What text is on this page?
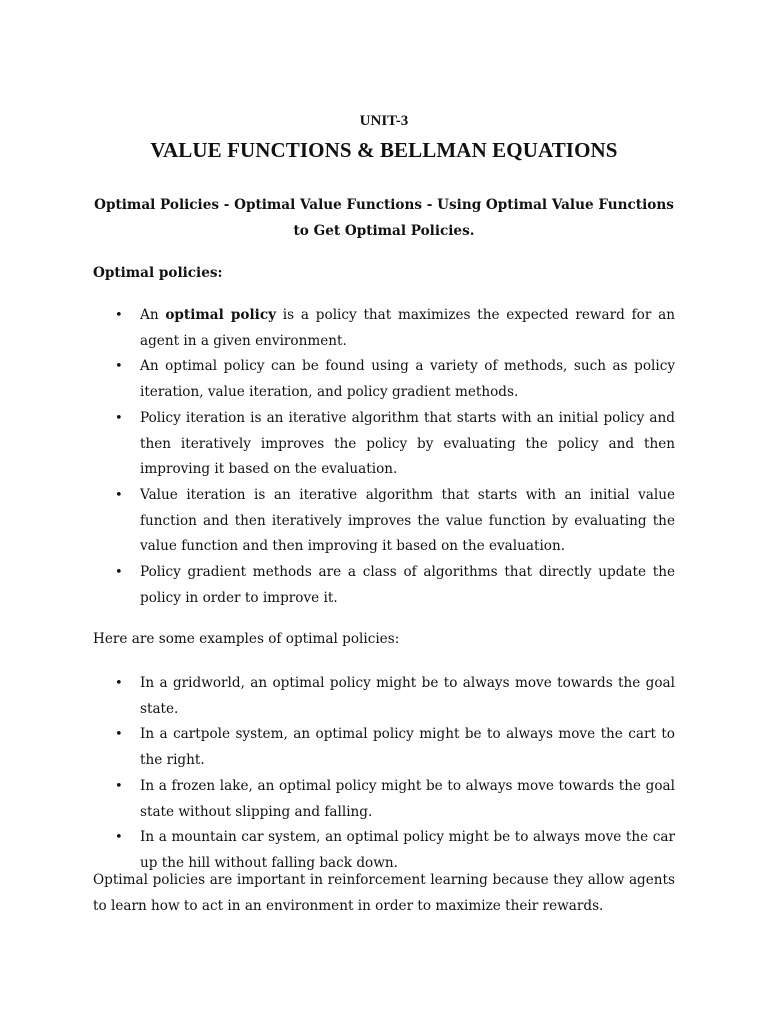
UNIT-3
VALUE FUNCTIONS & BELLMAN EQUATIONS
Optimal Policies - Optimal Value Functions - Using Optimal Value Functions to Get Optimal Policies.
Optimal policies:
• An optimal policy is a policy that maximizes the expected reward for an agent in a given environment.
• An optimal policy can be found using a variety of methods, such as policy iteration, value iteration, and policy gradient methods.
• Policy iteration is an iterative algorithm that starts with an initial policy and then iteratively improves the policy by evaluating the policy and then improving it based on the evaluation.
• Value iteration is an iterative algorithm that starts with an initial value function and then iteratively improves the value function by evaluating the value function and then improving it based on the evaluation.
• Policy gradient methods are a class of algorithms that directly update the policy in order to improve it.
Here are some examples of optimal policies:
• In a gridworld, an optimal policy might be to always move towards the goal state.
• In a cartpole system, an optimal policy might be to always move the cart to the right.
• In a frozen lake, an optimal policy might be to always move towards the goal state without slipping and falling.
• In a mountain car system, an optimal policy might be to always move the car up the hill without falling back down.
Optimal policies are important in reinforcement learning because they allow agents to learn how to act in an environment in order to maximize their rewards.
